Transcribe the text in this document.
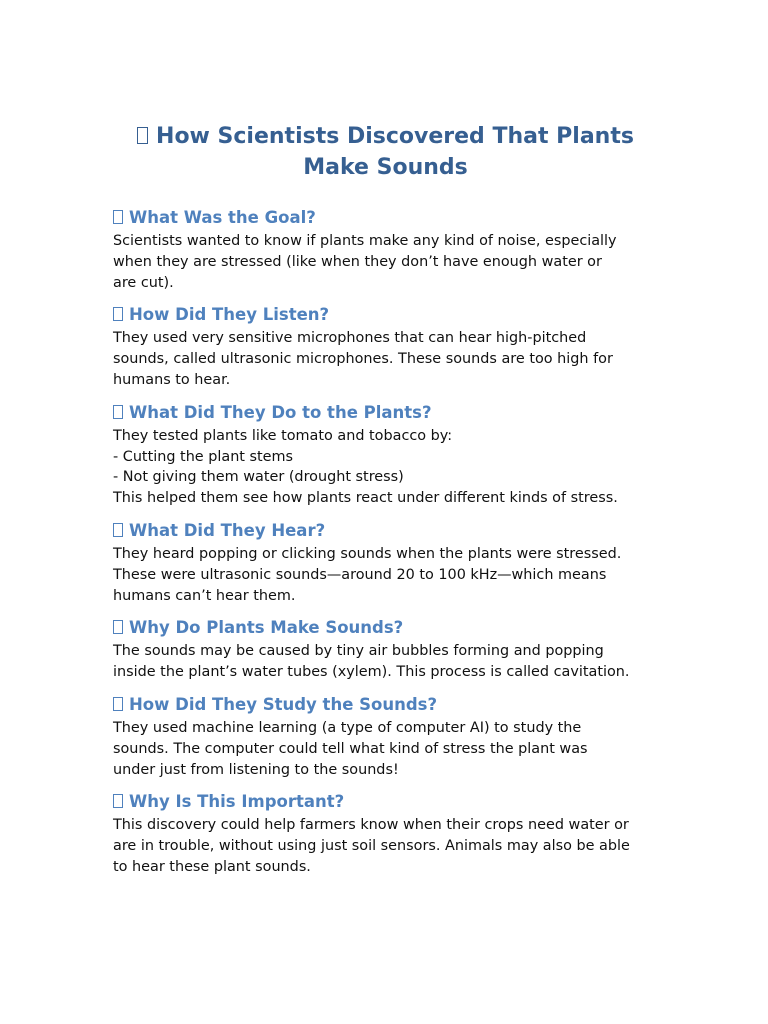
How Scientists Discovered That Plants
Make Sounds
What Was the Goal?

Scientists wanted to know if plants make any kind of noise, especially
when they are stressed (like when they don’t have enough water or
are cut).

How Did They Listen?

They used very sensitive microphones that can hear high-pitched
sounds, called ultrasonic microphones. These sounds are too high for
humans to hear.

What Did They Do to the Plants?

They tested plants like tomato and tobacco by:
- Cutting the plant stems
- Not giving them water (drought stress)
This helped them see how plants react under different kinds of stress.

What Did They Hear?

They heard popping or clicking sounds when the plants were stressed.
These were ultrasonic sounds—around 20 to 100 kHz—which means
humans can’t hear them.

Why Do Plants Make Sounds?

The sounds may be caused by tiny air bubbles forming and popping
inside the plant’s water tubes (xylem). This process is called cavitation.

How Did They Study the Sounds?

They used machine learning (a type of computer AI) to study the
sounds. The computer could tell what kind of stress the plant was
under just from listening to the sounds!

Why Is This Important?

This discovery could help farmers know when their crops need water or
are in trouble, without using just soil sensors. Animals may also be able
to hear these plant sounds.
